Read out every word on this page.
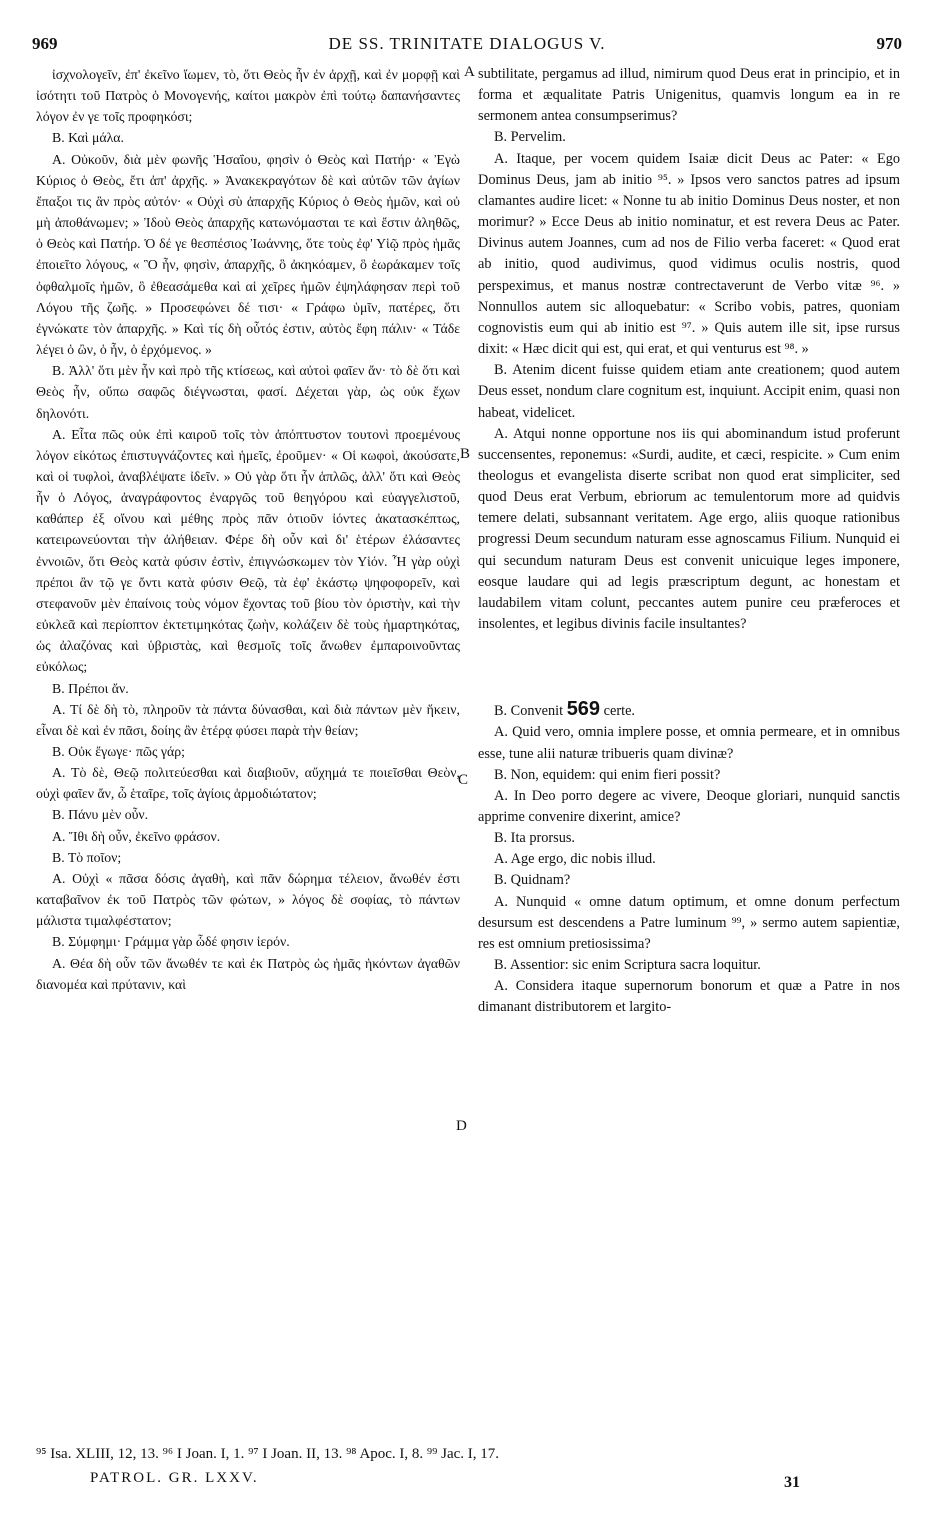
969	DE SS. TRINITATE DIALOGUS V.	970

ἰσχνολογεῖν, ἐπ' ἐκεῖνο ἴωμεν, τὸ, ὅτι Θεὸς ἦν ἐν ἀρχῇ, καὶ ἐν μορφῇ καὶ ἰσότητι τοῦ Πατρὸς ὁ Μονογενής, καίτοι μακρὸν ἐπὶ τούτῳ δαπανήσαντες λόγον ἐν γε τοῖς προφηκόσι;

Β. Καὶ μάλα.

Α. Οὐκοῦν, διὰ μὲν φωνῆς Ἡσαΐου, φησὶν ὁ Θεὸς καὶ Πατήρ· « Ἐγὼ Κύριος ὁ Θεὸς, ἔτι ἀπ' ἀρχῆς. » Ἀνακεκραγότων δὲ καὶ αὐτῶν τῶν ἁγίων ἔπαξοι τις ἂν πρὸς αὐτόν· « Οὐχὶ σὺ ἀπαρχῆς Κύριος ὁ Θεὸς ἡμῶν, καὶ οὐ μὴ ἀποθάνωμεν; » Ἰδοὺ Θεὸς ἀπαρχῆς κατωνόμασται τε καὶ ἔστιν ἀληθῶς, ὁ Θεὸς καὶ Πατήρ. Ὁ δέ γε θεσπέσιος Ἰωάννης, ὅτε τοὺς ἐφ' Υἱῷ πρὸς ἡμᾶς ἐποιεῖτο λόγους, « Ὃ ἦν, φησὶν, ἀπαρχῆς, ὃ ἀκηκόαμεν, ὃ ἑωράκαμεν τοῖς ὀφθαλμοῖς ἡμῶν, ὃ ἐθεασάμεθα καὶ αἱ χεῖρες ἡμῶν ἐψηλάφησαν περὶ τοῦ Λόγου τῆς ζωῆς. » Προσεφώνει δέ τισι· « Γράφω ὑμῖν, πατέρες, ὅτι ἐγνώκατε τὸν ἀπαρχῆς. » Καὶ τίς δὴ οὗτός ἐστιν, αὐτὸς ἔφη πάλιν· « Τάδε λέγει ὁ ὢν, ὁ ἦν, ὁ ἐρχόμενος. »

Β. Ἀλλ' ὅτι μὲν ἦν καὶ πρὸ τῆς κτίσεως, καὶ αὐτοὶ φαῖεν ἄν· τὸ δὲ ὅτι καὶ Θεὸς ἦν, οὔπω σαφῶς διέγνωσται, φασί. Δέχεται γὰρ, ὡς οὐκ ἔχων δηλονότι.

Α. Εἶτα πῶς οὐκ ἐπὶ καιροῦ τοῖς τὸν ἀπόπτυστον τουτονὶ προεμένους λόγον εἰκότως ἐπιστυγνάζοντες καὶ ἡμεῖς, ἐροῦμεν· « Οἱ κωφοὶ, ἀκούσατε, καὶ οἱ τυφλοὶ, ἀναβλέψατε ἰδεῖν. » Οὐ γὰρ ὅτι ἦν ἁπλῶς, ἀλλ' ὅτι καὶ Θεὸς ἦν ὁ Λόγος, ἀναγράφοντος ἐναργῶς τοῦ θεηγόρου καὶ εὐαγγελιστοῦ, καθάπερ ἐξ οἴνου καὶ μέθης πρὸς πᾶν ὁτιοῦν ἰόντες ἀκατασκέπτως, κατειρωνεύονται τὴν ἀλήθειαν. Φέρε δὴ οὖν καὶ δι' ἑτέρων ἐλάσαντες ἐννοιῶν, ὅτι Θεὸς κατὰ φύσιν ἐστὶν, ἐπιγνώσκωμεν τὸν Υἱόν. Ἦ γὰρ οὐχὶ πρέποι ἂν τῷ γε ὄντι κατὰ φύσιν Θεῷ, τὰ ἐφ' ἑκάστῳ ψηφοφορεῖν, καὶ στεφανοῦν μὲν ἐπαίνοις τοὺς νόμον ἔχοντας τοῦ βίου τὸν ὀριστὴν, καὶ τὴν εὐκλεᾶ καὶ περίοπτον ἐκτετιμηκότας ζωὴν, κολάζειν δὲ τοὺς ἡμαρτηκότας, ὡς ἀλαζόνας καὶ ὑβριστὰς, καὶ θεσμοῖς τοῖς ἄνωθεν ἐμπαροινοῦντας εὐκόλως;

Β. Πρέποι ἄν.

Α. Τί δὲ δὴ τὸ, πληροῦν τὰ πάντα δύνασθαι, καὶ διὰ πάντων μὲν ἥκειν, εἶναι δὲ καὶ ἐν πᾶσι, δοίης ἂν ἑτέρᾳ φύσει παρὰ τὴν θείαν;

Β. Οὐκ ἔγωγε· πῶς γάρ;

Α. Τὸ δὲ, Θεῷ πολιτεύεσθαι καὶ διαβιοῦν, αὔχημά τε ποιεῖσθαι Θεὸν, οὐχὶ φαῖεν ἄν, ὦ ἑταῖρε, τοῖς ἁγίοις ἁρμοδιώτατον;

Β. Πάνυ μὲν οὖν.

Α. Ἴθι δὴ οὖν, ἐκεῖνο φράσον.

Β. Τὸ ποῖον;

Α. Οὐχὶ « πᾶσα δόσις ἀγαθὴ, καὶ πᾶν δώρημα τέλειον, ἄνωθέν ἐστι καταβαῖνον ἐκ τοῦ Πατρὸς τῶν φώτων, » λόγος δὲ σοφίας, τὸ πάντων μάλιστα τιμαλφέστατον;

Β. Σύμφημι· Γράμμα γὰρ ὧδέ φησιν ἱερόν.

Α. Θέα δὴ οὖν τῶν ἄνωθέν τε καὶ ἐκ Πατρὸς ὡς ἡμᾶς ἡκόντων ἀγαθῶν διανομέα καὶ πρύτανιν, καὶ

A
B
C
D

subtilitate, pergamus ad illud, nimirum quod Deus erat in principio, et in forma et æqualitate Patris Unigenitus, quamvis longum ea in re sermonem antea consumpserimus?

B. Pervelim.

A. Itaque, per vocem quidem Isaiæ dicit Deus ac Pater: « Ego Dominus Deus, jam ab initio ⁹⁵. » Ipsos vero sanctos patres ad ipsum clamantes audire licet: « Nonne tu ab initio Dominus Deus noster, et non morimur? » Ecce Deus ab initio nominatur, et est revera Deus ac Pater. Divinus autem Joannes, cum ad nos de Filio verba faceret: « Quod erat ab initio, quod audivimus, quod vidimus oculis nostris, quod perspeximus, et manus nostræ contrectaverunt de Verbo vitæ ⁹⁶. » Nonnullos autem sic alloquebatur: « Scribo vobis, patres, quoniam cognovistis eum qui ab initio est ⁹⁷. » Quis autem ille sit, ipse rursus dixit: « Hæc dicit qui est, qui erat, et qui venturus est ⁹⁸. »

B. Atenim dicent fuisse quidem etiam ante creationem; quod autem Deus esset, nondum clare cognitum est, inquiunt. Accipit enim, quasi non habeat, videlicet.

A. Atqui nonne opportune nos iis qui abominandum istud proferunt succensentes, reponemus: «Surdi, audite, et cæci, respicite. » Cum enim theologus et evangelista diserte scribat non quod erat simpliciter, sed quod Deus erat Verbum, ebriorum ac temulentorum more ad quidvis temere delati, subsannant veritatem. Age ergo, aliis quoque rationibus progressi Deum secundum naturam esse agnoscamus Filium. Nunquid ei qui secundum naturam Deus est convenit unicuique leges imponere, eosque laudare qui ad legis præscriptum degunt, ac honestam et laudabilem vitam colunt, peccantes autem punire ceu præferoces et insolentes, et legibus divinis facile insultantes?

B. Convenit 569 certe.

A. Quid vero, omnia implere posse, et omnia permeare, et in omnibus esse, tune alii naturæ tribueris quam divinæ?

B. Non, equidem: qui enim fieri possit?

A. In Deo porro degere ac vivere, Deoque gloriari, nunquid sanctis apprime convenire dixerint, amice?

B. Ita prorsus.

A. Age ergo, dic nobis illud.

B. Quidnam?

A. Nunquid « omne datum optimum, et omne donum perfectum desursum est descendens a Patre luminum ⁹⁹, » sermo autem sapientiæ, res est omnium pretiosissima?

B. Assentior: sic enim Scriptura sacra loquitur.

A. Considera itaque supernorum bonorum et quæ a Patre in nos dimanant distributorem et largito-

⁹⁵ Isa. XLIII, 12, 13. ⁹⁶ I Joan. I, 1. ⁹⁷ I Joan. II, 13. ⁹⁸ Apoc. I, 8. ⁹⁹ Jac. I, 17.
PATROL. GR. LXXV.	31
